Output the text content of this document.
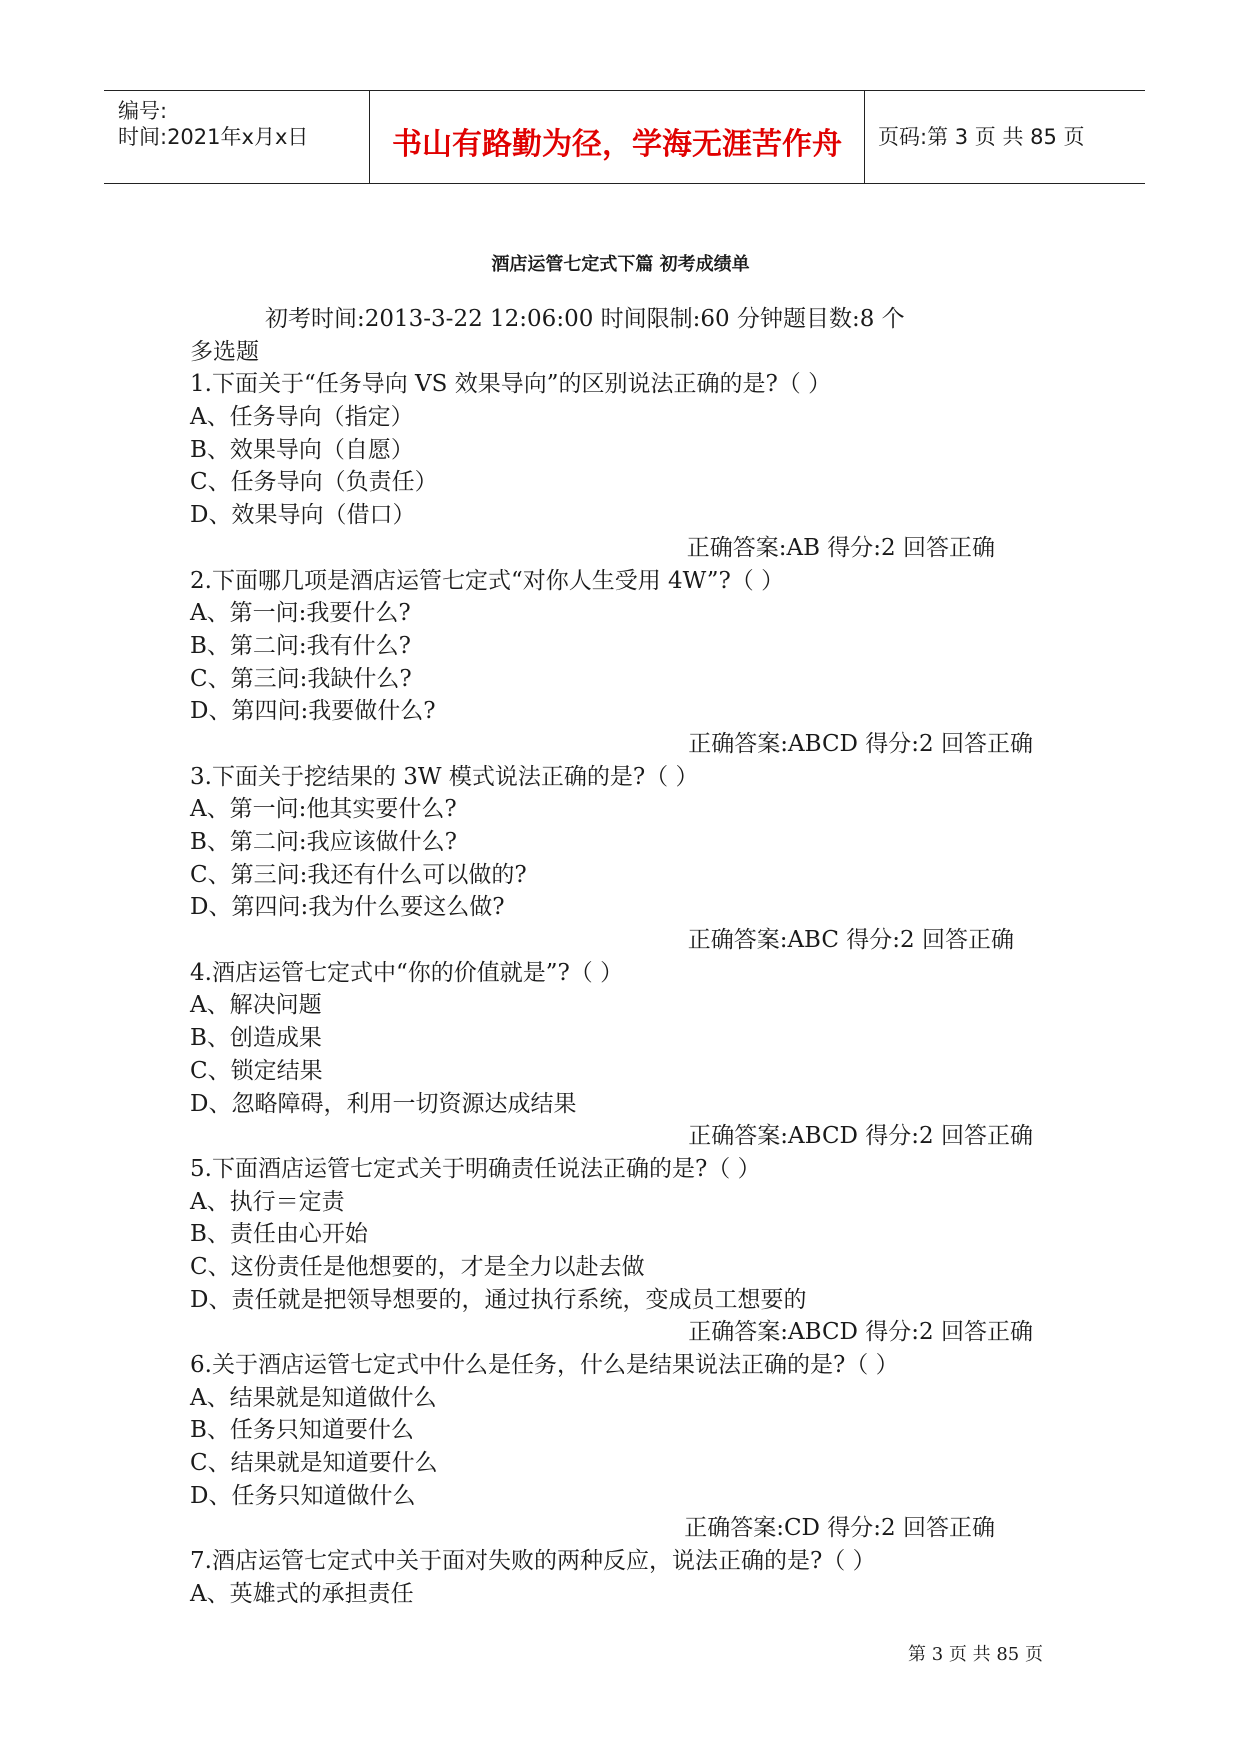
编号:
时间:2021年x月x日	书山有路勤为径，学海无涯苦作舟	页码:第 3 页 共 85 页
酒店运管七定式下篇 初考成绩单
初考时间:2013-3-22 12:06:00 时间限制:60 分钟题目数:8 个
多选题
1.下面关于“任务导向 VS 效果导向”的区别说法正确的是?（ ）
A、任务导向（指定）
B、效果导向（自愿）
C、任务导向（负责任）
D、效果导向（借口）
正确答案:AB 得分:2 回答正确
2.下面哪几项是酒店运管七定式“对你人生受用 4W”?（ ）
A、第一问:我要什么?
B、第二问:我有什么?
C、第三问:我缺什么?
D、第四问:我要做什么?
正确答案:ABCD 得分:2 回答正确
3.下面关于挖结果的 3W 模式说法正确的是?（ ）
A、第一问:他其实要什么?
B、第二问:我应该做什么?
C、第三问:我还有什么可以做的?
D、第四问:我为什么要这么做?
正确答案:ABC 得分:2 回答正确
4.酒店运管七定式中“你的价值就是”?（ ）
A、解决问题
B、创造成果
C、锁定结果
D、忽略障碍，利用一切资源达成结果
正确答案:ABCD 得分:2 回答正确
5.下面酒店运管七定式关于明确责任说法正确的是?（ ）
A、执行＝定责
B、责任由心开始
C、这份责任是他想要的，才是全力以赴去做
D、责任就是把领导想要的，通过执行系统，变成员工想要的
正确答案:ABCD 得分:2 回答正确
6.关于酒店运管七定式中什么是任务，什么是结果说法正确的是?（ ）
A、结果就是知道做什么
B、任务只知道要什么
C、结果就是知道要什么
D、任务只知道做什么
正确答案:CD 得分:2 回答正确
7.酒店运管七定式中关于面对失败的两种反应，说法正确的是?（ ）
A、英雄式的承担责任
第 3 页 共 85 页
